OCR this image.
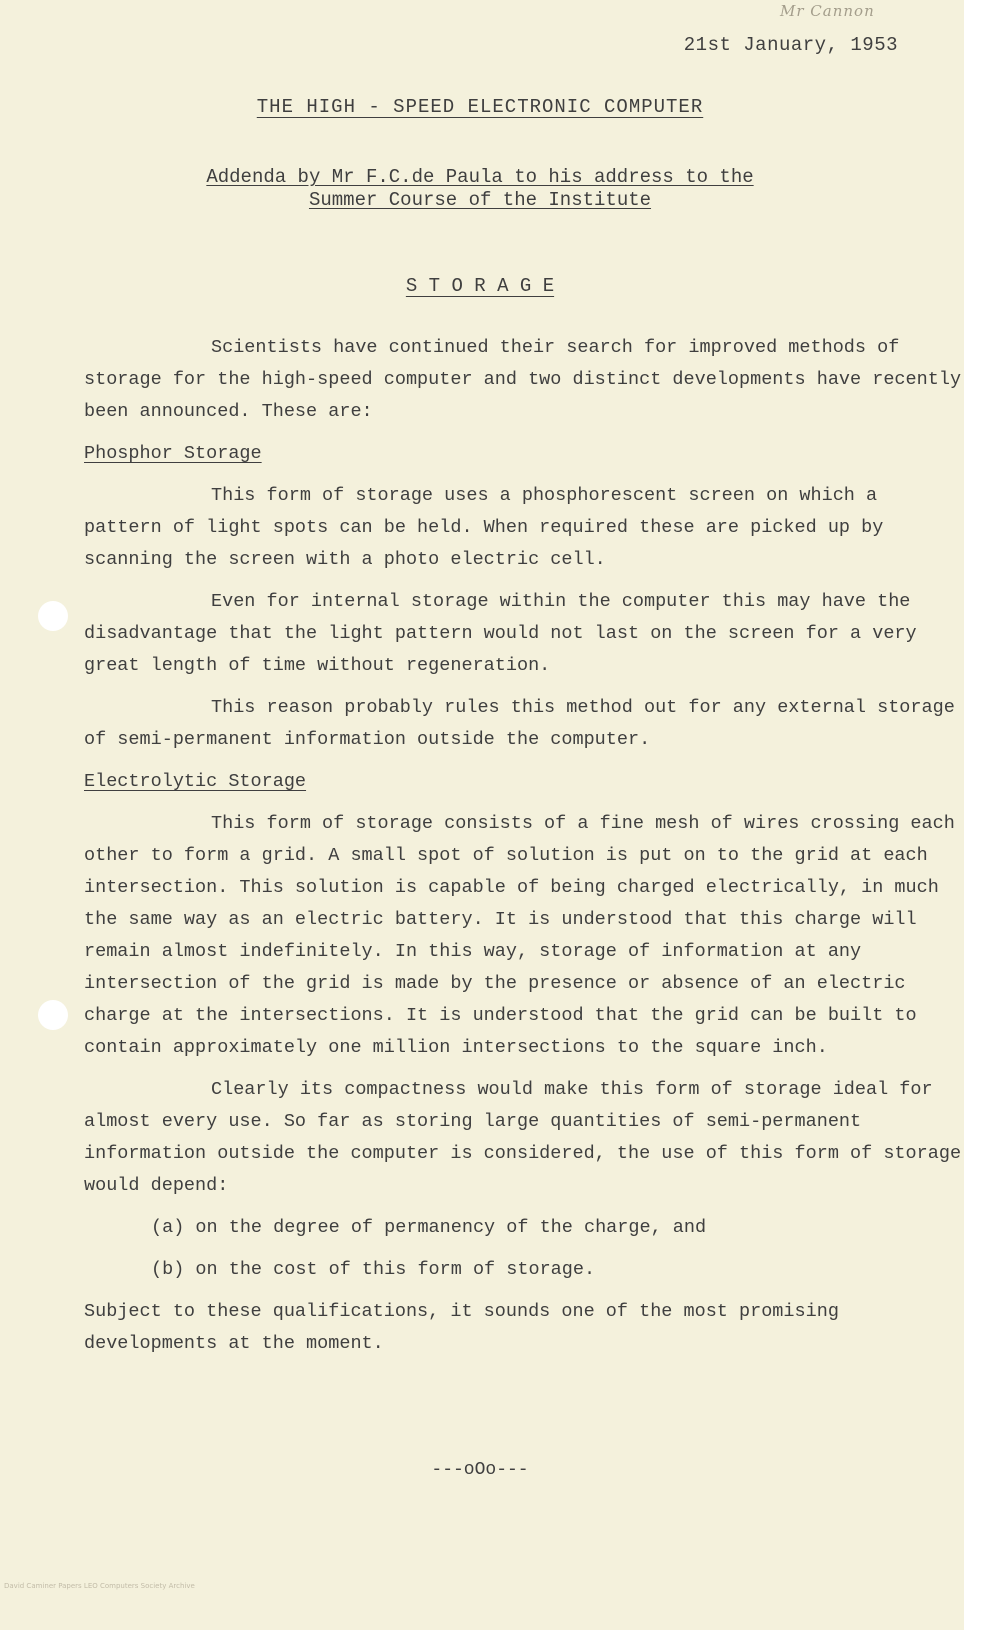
Mr Cannon
21st January, 1953
THE HIGH - SPEED ELECTRONIC COMPUTER
Addenda by Mr F.C.de Paula to his address to the
Summer Course of the Institute
S T O R A G E

Scientists have continued their search for improved methods of storage for the high-speed computer and two distinct developments have recently been announced. These are:

Phosphor Storage

This form of storage uses a phosphorescent screen on which a pattern of light spots can be held. When required these are picked up by scanning the screen with a photo electric cell.

Even for internal storage within the computer this may have the disadvantage that the light pattern would not last on the screen for a very great length of time without regeneration.

This reason probably rules this method out for any external storage of semi-permanent information outside the computer.

Electrolytic Storage

This form of storage consists of a fine mesh of wires crossing each other to form a grid. A small spot of solution is put on to the grid at each intersection. This solution is capable of being charged electrically, in much the same way as an electric battery. It is understood that this charge will remain almost indefinitely. In this way, storage of information at any intersection of the grid is made by the presence or absence of an electric charge at the intersections. It is understood that the grid can be built to contain approximately one million intersections to the square inch.

Clearly its compactness would make this form of storage ideal for almost every use. So far as storing large quantities of semi-permanent information outside the computer is considered, the use of this form of storage would depend:

(a) on the degree of permanency of the charge, and

(b) on the cost of this form of storage.

Subject to these qualifications, it sounds one of the most promising developments at the moment.

---oOo---
David Caminer Papers LEO Computers Society Archive
